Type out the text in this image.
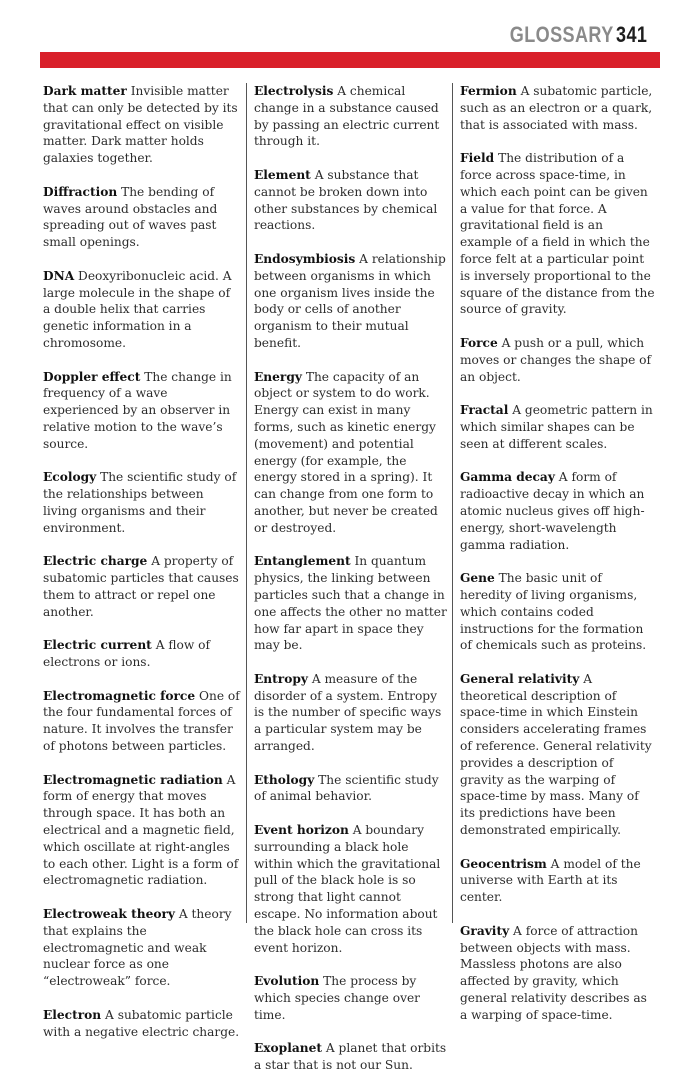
GLOSSARY 341

Dark matter Invisible matter that can only be detected by its gravitational effect on visible matter. Dark matter holds galaxies together.

Diffraction The bending of waves around obstacles and spreading out of waves past small openings.

DNA Deoxyribonucleic acid. A large molecule in the shape of a double helix that carries genetic information in a chromosome.

Doppler effect The change in frequency of a wave experienced by an observer in relative motion to the wave’s source.

Ecology The scientific study of the relationships between living organisms and their environment.

Electric charge A property of subatomic particles that causes them to attract or repel one another.

Electric current A flow of electrons or ions.

Electromagnetic force One of the four fundamental forces of nature. It involves the transfer of photons between particles.

Electromagnetic radiation A form of energy that moves through space. It has both an electrical and a magnetic field, which oscillate at right-angles to each other. Light is a form of electromagnetic radiation.

Electroweak theory A theory that explains the electromagnetic and weak nuclear force as one “electroweak” force.

Electron A subatomic particle with a negative electric charge.

Electrolysis A chemical change in a substance caused by passing an electric current through it.

Element A substance that cannot be broken down into other substances by chemical reactions.

Endosymbiosis A relationship between organisms in which one organism lives inside the body or cells of another organism to their mutual benefit.

Energy The capacity of an object or system to do work. Energy can exist in many forms, such as kinetic energy (movement) and potential energy (for example, the energy stored in a spring). It can change from one form to another, but never be created or destroyed.

Entanglement In quantum physics, the linking between particles such that a change in one affects the other no matter how far apart in space they may be.

Entropy A measure of the disorder of a system. Entropy is the number of specific ways a particular system may be arranged.

Ethology The scientific study of animal behavior.

Event horizon A boundary surrounding a black hole within which the gravitational pull of the black hole is so strong that light cannot escape. No information about the black hole can cross its event horizon.

Evolution The process by which species change over time.

Exoplanet A planet that orbits a star that is not our Sun.

Fermion A subatomic particle, such as an electron or a quark, that is associated with mass.

Field The distribution of a force across space-time, in which each point can be given a value for that force. A gravitational field is an example of a field in which the force felt at a particular point is inversely proportional to the square of the distance from the source of gravity.

Force A push or a pull, which moves or changes the shape of an object.

Fractal A geometric pattern in which similar shapes can be seen at different scales.

Gamma decay A form of radioactive decay in which an atomic nucleus gives off high-energy, short-wavelength gamma radiation.

Gene The basic unit of heredity of living organisms, which contains coded instructions for the formation of chemicals such as proteins.

General relativity A theoretical description of space-time in which Einstein considers accelerating frames of reference. General relativity provides a description of gravity as the warping of space-time by mass. Many of its predictions have been demonstrated empirically.

Geocentrism A model of the universe with Earth at its center.

Gravity A force of attraction between objects with mass. Massless photons are also affected by gravity, which general relativity describes as a warping of space-time.
